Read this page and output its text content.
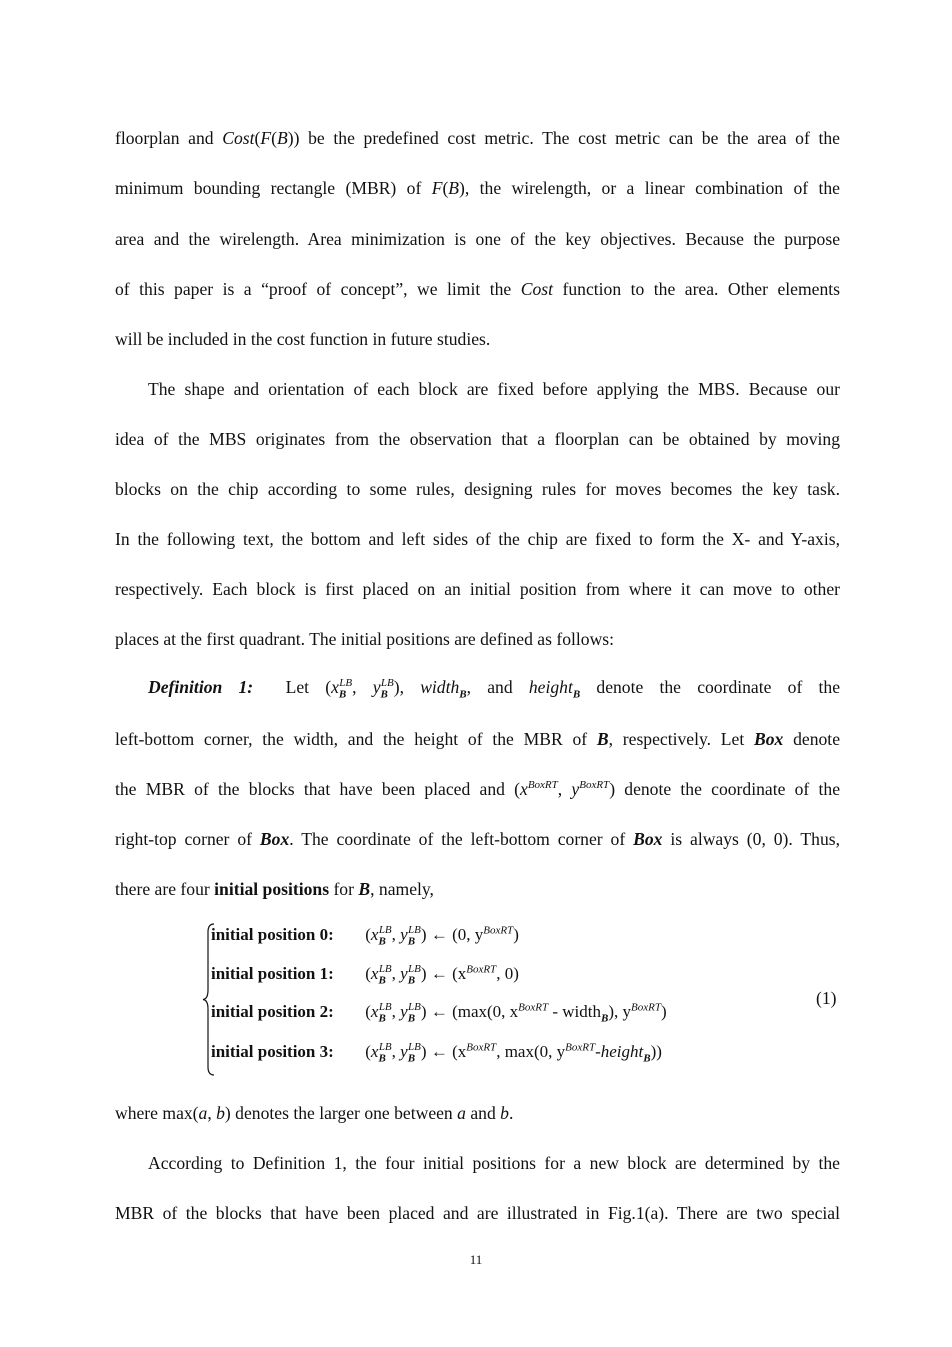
floorplan and Cost(F(B)) be the predefined cost metric. The cost metric can be the area of the
minimum bounding rectangle (MBR) of F(B), the wirelength, or a linear combination of the
area and the wirelength. Area minimization is one of the key objectives. Because the purpose
of this paper is a “proof of concept”, we limit the Cost function to the area. Other elements
will be included in the cost function in future studies.
The shape and orientation of each block are fixed before applying the MBS. Because our
idea of the MBS originates from the observation that a floorplan can be obtained by moving
blocks on the chip according to some rules, designing rules for moves becomes the key task.
In the following text, the bottom and left sides of the chip are fixed to form the X- and Y-axis,
respectively. Each block is first placed on an initial position from where it can move to other
places at the first quadrant. The initial positions are defined as follows:
Definition 1: Let ($x_B^{LB}$, $y_B^{LB}$), width$_B$, and height$_B$ denote the coordinate of the
left-bottom corner, the width, and the height of the MBR of B, respectively. Let Box denote
the MBR of the blocks that have been placed and ($x^{BoxRT}$, $y^{BoxRT}$) denote the coordinate of the
right-top corner of Box. The coordinate of the left-bottom corner of Box is always (0, 0). Thus,
there are four initial positions for B, namely,
initial position 0: ($x_B^{LB}$, $y_B^{LB}$) ← (0, $y^{BoxRT}$)
initial position 1: ($x_B^{LB}$, $y_B^{LB}$) ← ($x^{BoxRT}$, 0)
initial position 2: ($x_B^{LB}$, $y_B^{LB}$) ← (max(0, $x^{BoxRT}$ - width$_B$), $y^{BoxRT}$)
initial position 3: ($x_B^{LB}$, $y_B^{LB}$) ← ($x^{BoxRT}$, max(0, $y^{BoxRT}-height_B$))
(1)
where max(a, b) denotes the larger one between a and b.
According to Definition 1, the four initial positions for a new block are determined by the
MBR of the blocks that have been placed and are illustrated in Fig.1(a). There are two special
11
